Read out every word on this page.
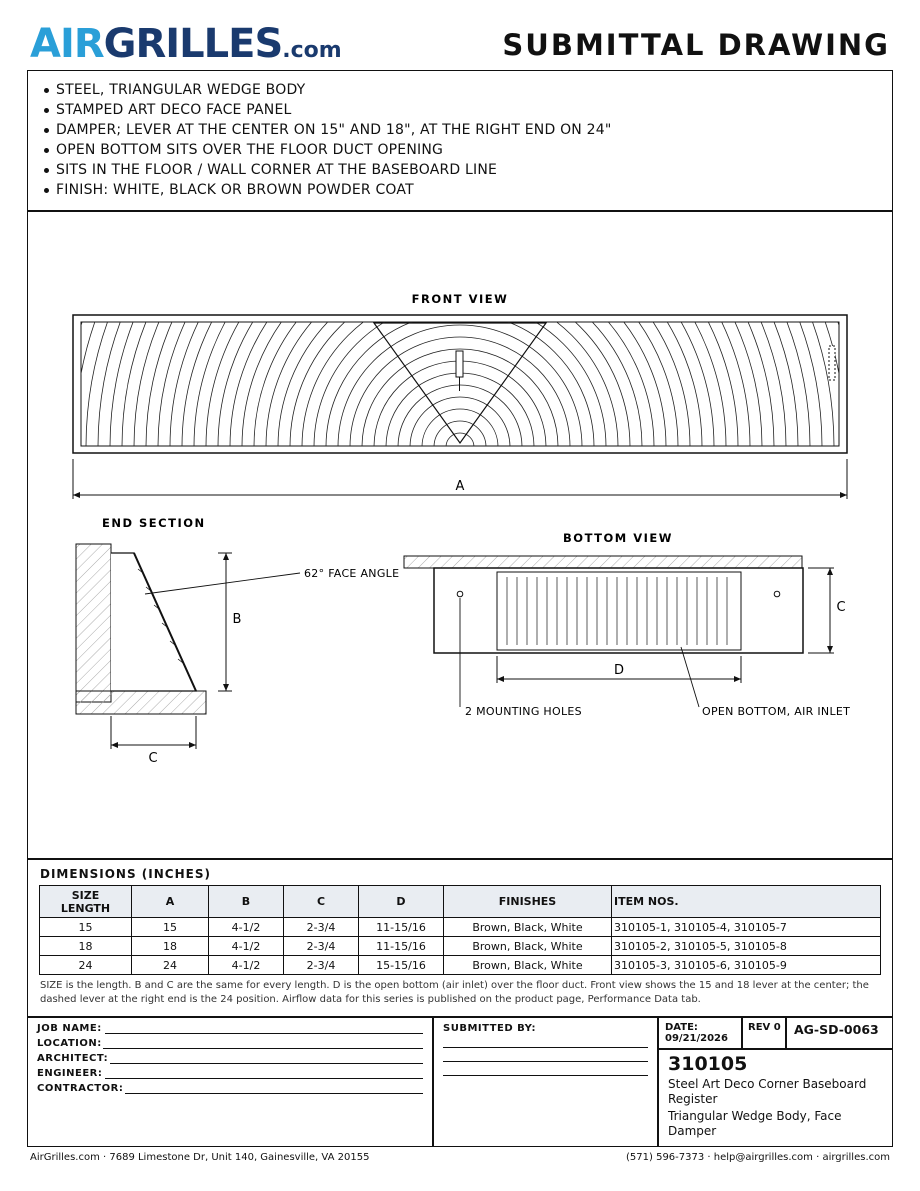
AIR GRILLES .com	SUBMITTAL DRAWING
STEEL, TRIANGULAR WEDGE BODY
STAMPED ART DECO FACE PANEL
DAMPER; LEVER AT THE CENTER ON 15" AND 18", AT THE RIGHT END ON 24"
OPEN BOTTOM SITS OVER THE FLOOR DUCT OPENING
SITS IN THE FLOOR / WALL CORNER AT THE BASEBOARD LINE
FINISH: WHITE, BLACK OR BROWN POWDER COAT
FRONT VIEW
A
END SECTION
B
62° FACE ANGLE
C
BOTTOM VIEW
C
D
2 MOUNTING HOLES	OPEN BOTTOM, AIR INLET
DIMENSIONS (INCHES)
SIZE
LENGTH	A	B	C	D	FINISHES	ITEM NOS.
15	15	4-1/2	2-3/4	11-15/16	Brown, Black, White	310105-1, 310105-4, 310105-7
18	18	4-1/2	2-3/4	11-15/16	Brown, Black, White	310105-2, 310105-5, 310105-8
24	24	4-1/2	2-3/4	15-15/16	Brown, Black, White	310105-3, 310105-6, 310105-9
SIZE is the length. B and C are the same for every length. D is the open bottom (air inlet) over the floor duct. Front view shows the 15 and 18 lever at the center; the dashed lever at the right end is the 24 position. Airflow data for this series is published on the product page, Performance Data tab.
JOB NAME:
LOCATION:
ARCHITECT:
ENGINEER:
CONTRACTOR:
SUBMITTED BY:	DATE:
09/21/2026
REV 0 AG-SD-0063
310105
Steel Art Deco Corner Baseboard Register
Triangular Wedge Body, Face Damper
AirGrilles.com · 7689 Limestone Dr, Unit 140, Gainesville, VA 20155	(571) 596-7373 · help@airgrilles.com · airgrilles.com
